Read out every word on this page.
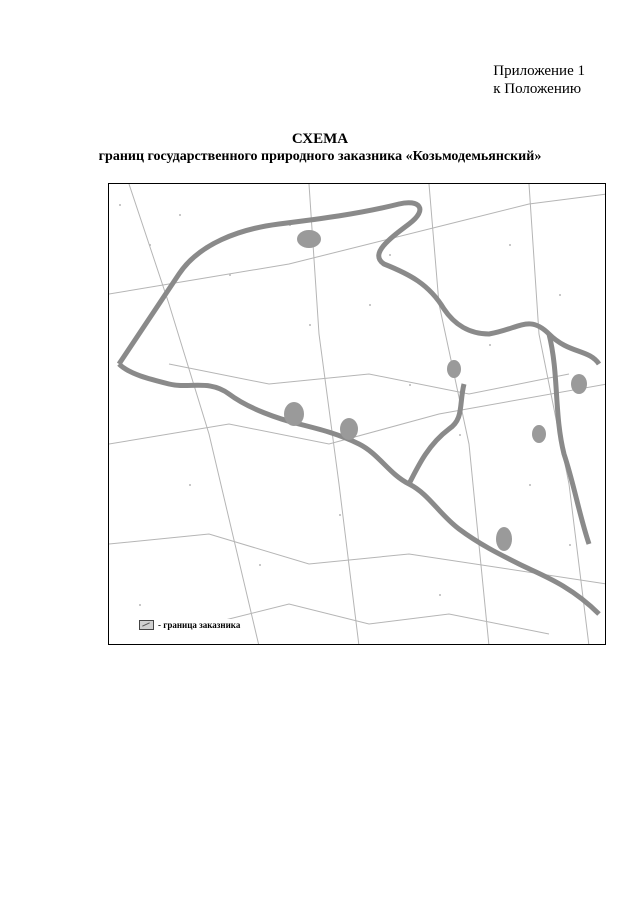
Приложение 1
к Положению
СХЕМА
границ государственного природного заказника «Козьмодемьянский»
- граница заказника
